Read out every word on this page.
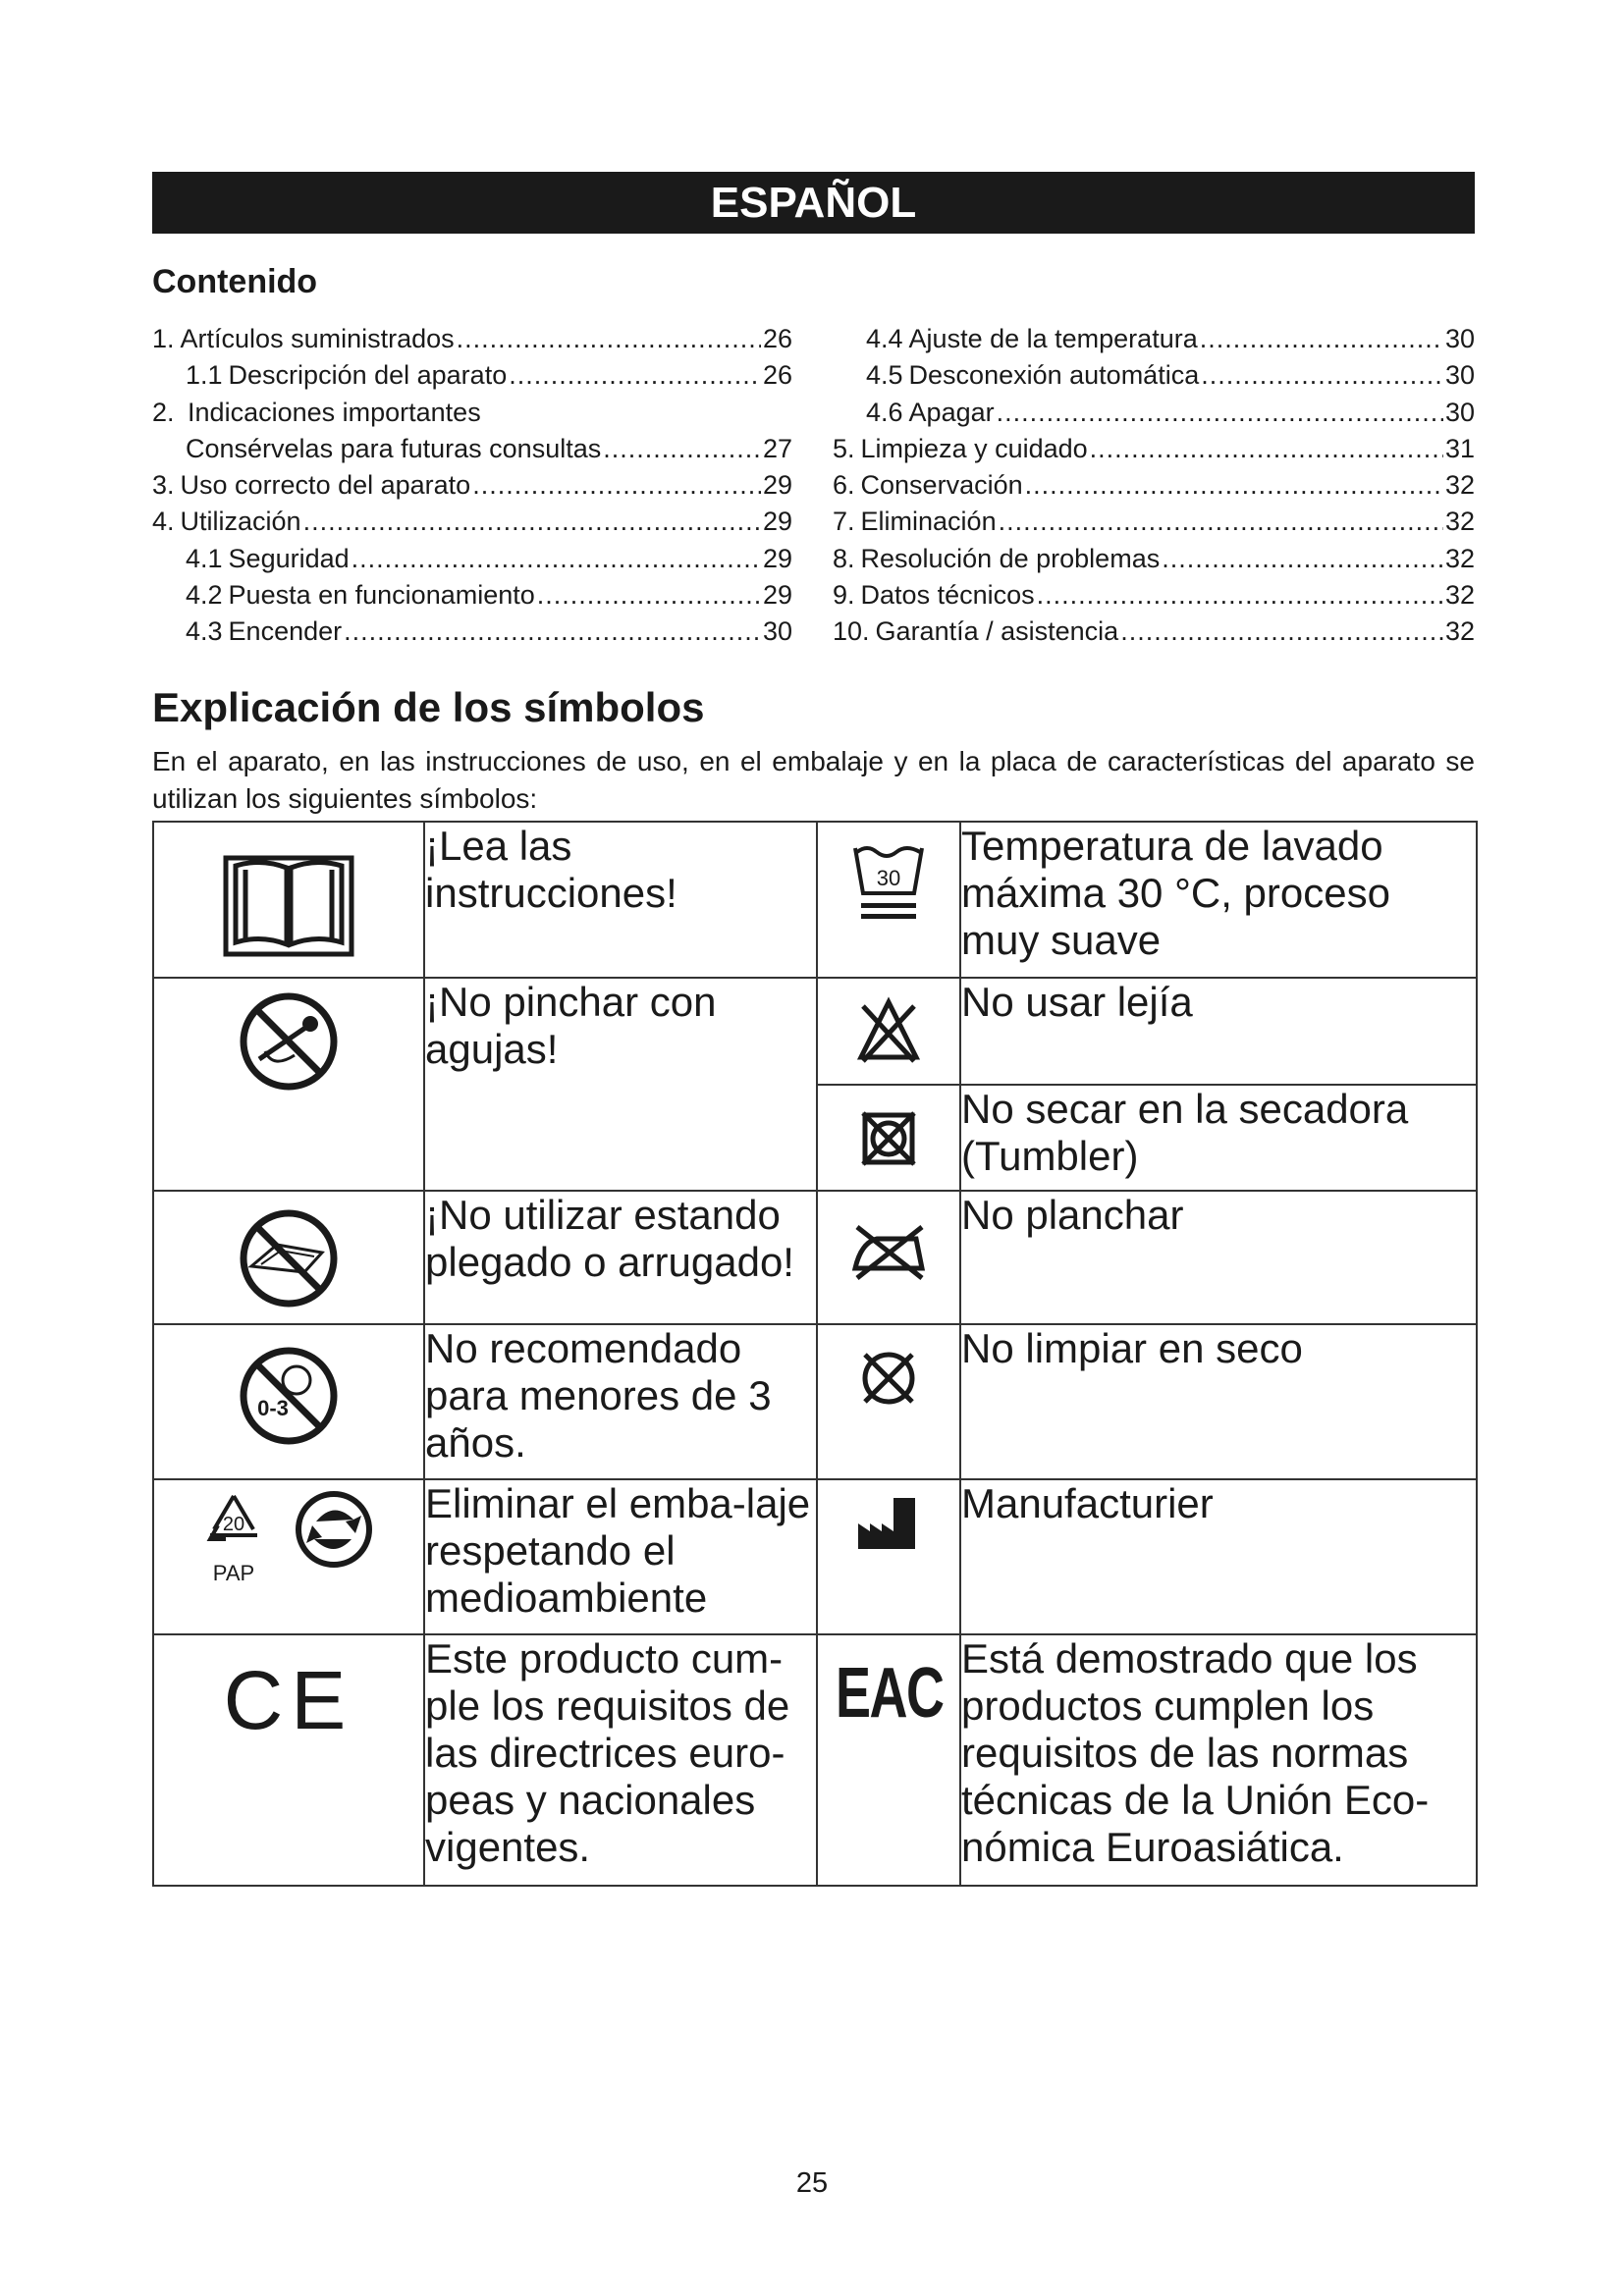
ESPAÑOL
Contenido
1. Artículos suministrados .....	26
1.1 Descripción del aparato .....	26
2. Indicaciones importantes
Consérvelas para futuras consultas .....	27
3. Uso correcto del aparato .....	29
4. Utilización .....	29
4.1 Seguridad .....	29
4.2 Puesta en funcionamiento .....	29
4.3 Encender .....	30
4.4 Ajuste de la temperatura .....	30
4.5 Desconexión automática .....	30
4.6 Apagar .....	30
5. Limpieza y cuidado .....	31
6. Conservación .....	32
7. Eliminación .....	32
8. Resolución de problemas .....	32
9. Datos técnicos .....	32
10. Garantía / asistencia .....	32
Explicación de los símbolos
En el aparato, en las instrucciones de uso, en el embalaje y en la placa de características del aparato se utilizan los siguientes símbolos:
	¡Lea las instrucciones!	30	Temperatura de lavado máxima 30 °C, proceso muy suave
	¡No pinchar con agujas!		No usar lejía
	No secar en la secadora (Tumbler)
	¡No utilizar estando plegado o arrugado!		No planchar

0-3	No recomendado para menores de 3 años.		No limpiar en seco

20
PAP	Eliminar el emba-laje respetando el medioambiente		Manufacturier

CE	Este producto cum-ple los requisitos de las directrices euro-peas y nacionales vigentes.	EAC	Está demostrado que los productos cumplen los requisitos de las normas técnicas de la Unión Eco-nómica Euroasiática.
25
